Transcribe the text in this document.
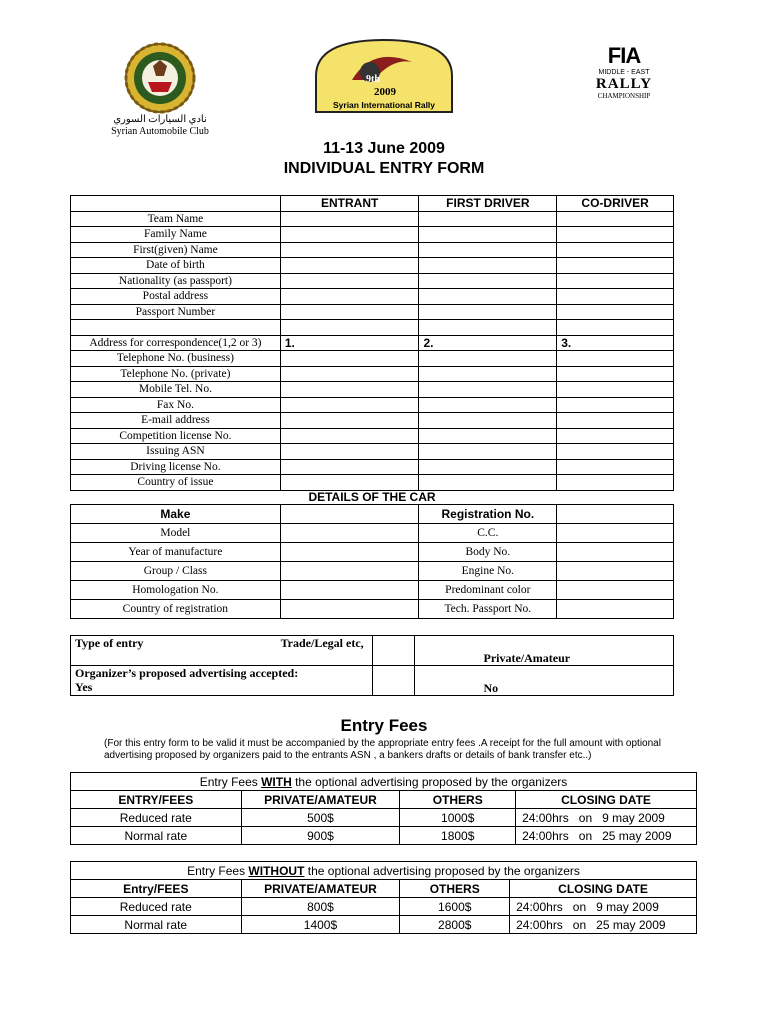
نادي السيارات السوري
Syrian Automobile Club
9th
2009
Syrian International Rally
FIA
MIDDLE - EAST
RALLY
CHAMPIONSHIP
11-13 June 2009
INDIVIDUAL ENTRY FORM
	ENTRANT	FIRST DRIVER	CO-DRIVER
Team Name			
Family Name			
First(given) Name			
Date of birth			
Nationality (as passport)			
Postal address			
Passport Number			

Address for correspondence(1,2 or 3)	1.	2.	3.
Telephone No. (business)			
Telephone No. (private)			
Mobile Tel. No.			
Fax No.			
E-mail address			
Competition license No.			
Issuing ASN			
Driving license No.			
Country of issue			
DETAILS OF THE CAR
Make		Registration No.	
Model		C.C.	
Year of manufacture		Body No.	
Group / Class		Engine No.	
Homologation No.		Predominant color	
Country of registration		Tech. Passport No.	
Type of entry Trade/Legal etc,		Private/Amateur

Organizer’s proposed advertising accepted:
Yes		No
Entry Fees
(For this entry form to be valid it must be accompanied by the appropriate entry fees .A receipt for the full amount with optional advertising proposed by organizers paid to the entrants ASN , a bankers drafts or details of bank transfer etc..)
Entry Fees WITH the optional advertising proposed by the organizers			
ENTRY/FEES	PRIVATE/AMATEUR	OTHERS	CLOSING DATE
Reduced rate	500$	1000$	24:00hrs   on   9 may 2009
Normal rate	900$	1800$	24:00hrs   on   25 may 2009
Entry Fees WITHOUT the optional advertising proposed by the organizers			
Entry/FEES	PRIVATE/AMATEUR	OTHERS	CLOSING DATE
Reduced rate	800$	1600$	24:00hrs   on   9 may 2009
Normal rate	1400$	2800$	24:00hrs   on   25 may 2009
